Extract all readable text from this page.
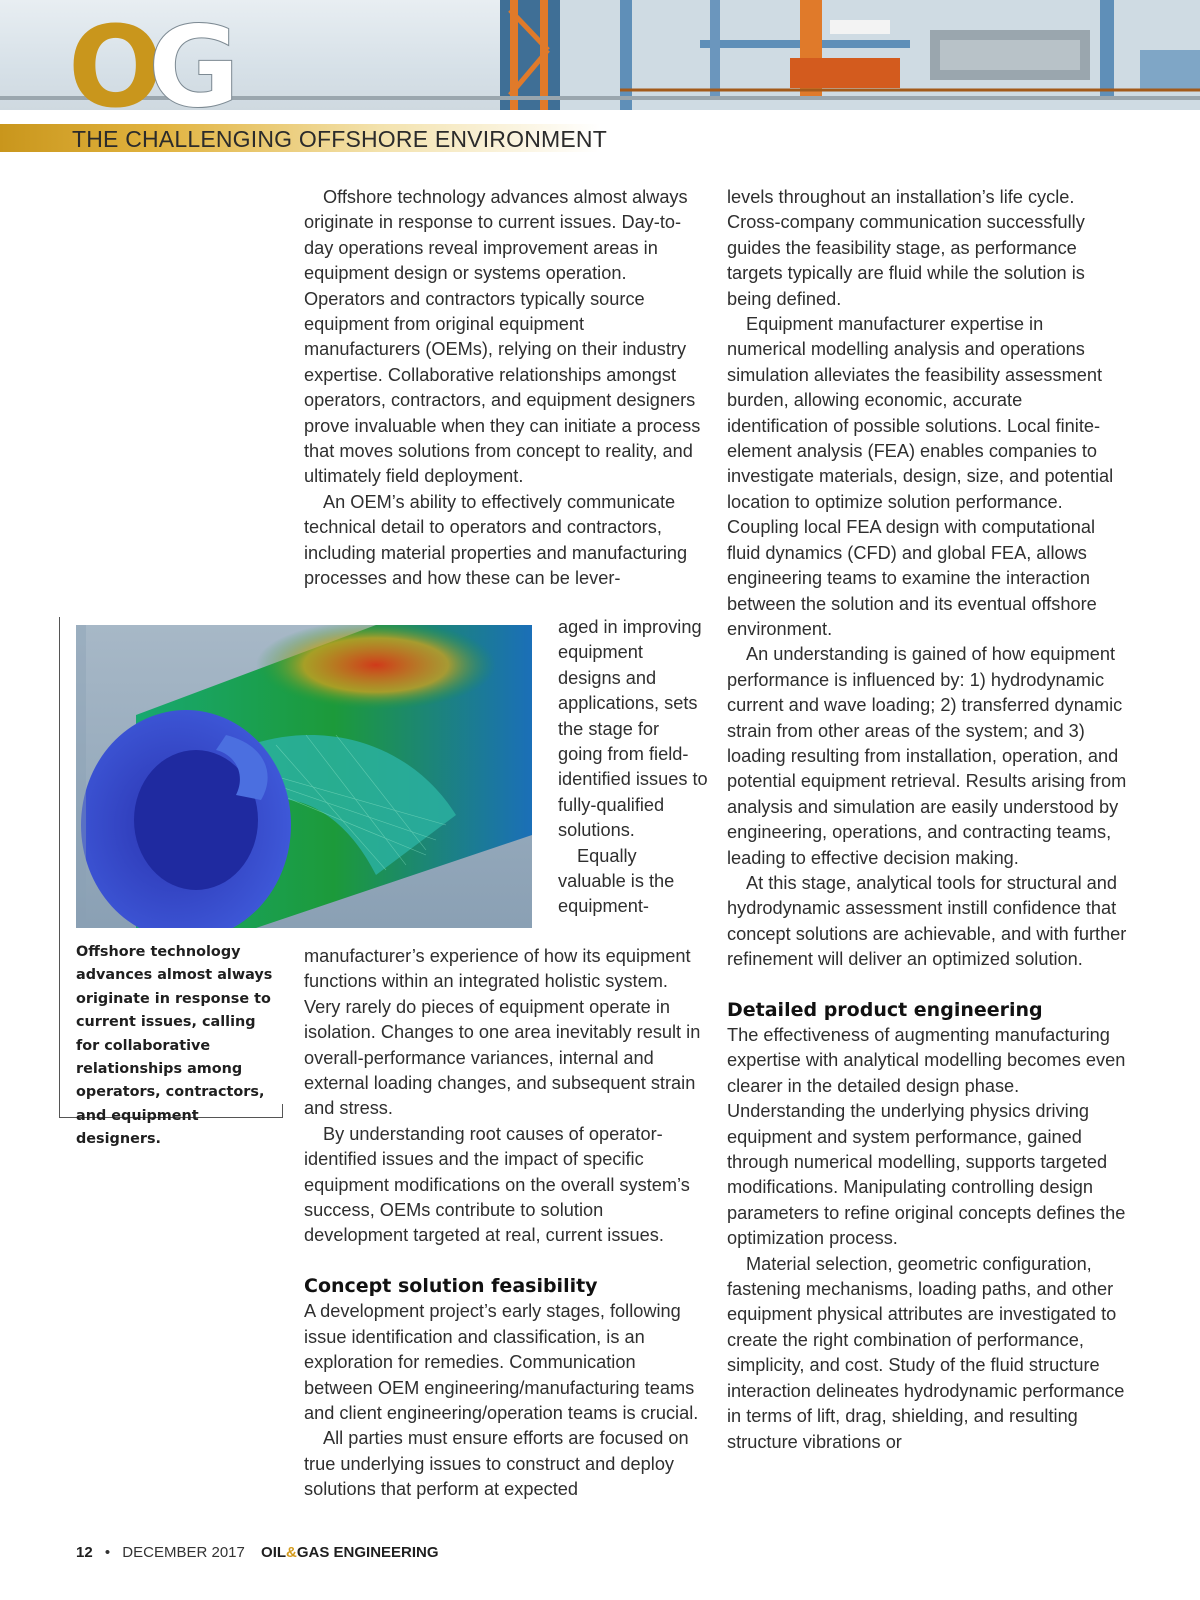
O
G
THE CHALLENGING OFFSHORE ENVIRONMENT
Offshore technology advances almost always originate in response to current issues, calling for collaborative relationships among operators, contractors, and equipment designers.

aged in improving equipment designs and applications, sets the stage for going from field-identified issues to fully-qualified solutions.

Equally valuable is the equipment-

Offshore technology advances almost always originate in response to current issues. Day-to-day operations reveal improvement areas in equipment design or systems operation. Operators and contractors typically source equipment from original equipment manufacturers (OEMs), relying on their industry expertise. Collaborative relationships amongst operators, contractors, and equipment designers prove invaluable when they can initiate a process that moves solutions from concept to reality, and ultimately field deployment.

An OEM’s ability to effectively communicate technical detail to operators and contractors, including material properties and manufacturing processes and how these can be lever-

manufacturer’s experience of how its equipment functions within an integrated holistic system. Very rarely do pieces of equipment operate in isolation. Changes to one area inevitably result in overall-performance variances, internal and external loading changes, and subsequent strain and stress.

By understanding root causes of operator-identified issues and the impact of specific equipment modifications on the overall system’s success, OEMs contribute to solution development targeted at real, current issues.

Concept solution feasibility

A development project’s early stages, following issue identification and classification, is an exploration for remedies. Communication between OEM engineering/manufacturing teams and client engineering/operation teams is crucial.

All parties must ensure efforts are focused on true underlying issues to construct and deploy solutions that perform at expected

levels throughout an installation’s life cycle. Cross-company communication successfully guides the feasibility stage, as performance targets typically are fluid while the solution is being defined.

Equipment manufacturer expertise in numerical modelling analysis and operations simulation alleviates the feasibility assessment burden, allowing economic, accurate identification of possible solutions. Local finite-element analysis (FEA) enables companies to investigate materials, design, size, and potential location to optimize solution performance. Coupling local FEA design with computational fluid dynamics (CFD) and global FEA, allows engineering teams to examine the interaction between the solution and its eventual offshore environment.

An understanding is gained of how equipment performance is influenced by: 1) hydrodynamic current and wave loading; 2) transferred dynamic strain from other areas of the system; and 3) loading resulting from installation, operation, and potential equipment retrieval. Results arising from analysis and simulation are easily understood by engineering, operations, and contracting teams, leading to effective decision making.

At this stage, analytical tools for structural and hydrodynamic assessment instill confidence that concept solutions are achievable, and with further refinement will deliver an optimized solution.

Detailed product engineering

The effectiveness of augmenting manufacturing expertise with analytical modelling becomes even clearer in the detailed design phase. Understanding the underlying physics driving equipment and system performance, gained through numerical modelling, supports targeted modifications. Manipulating controlling design parameters to refine original concepts defines the optimization process.

Material selection, geometric configuration, fastening mechanisms, loading paths, and other equipment physical attributes are investigated to create the right combination of performance, simplicity, and cost. Study of the fluid structure interaction delineates hydrodynamic performance in terms of lift, drag, shielding, and resulting structure vibrations or

12 • DECEMBER 2017 OIL&GAS ENGINEERING
